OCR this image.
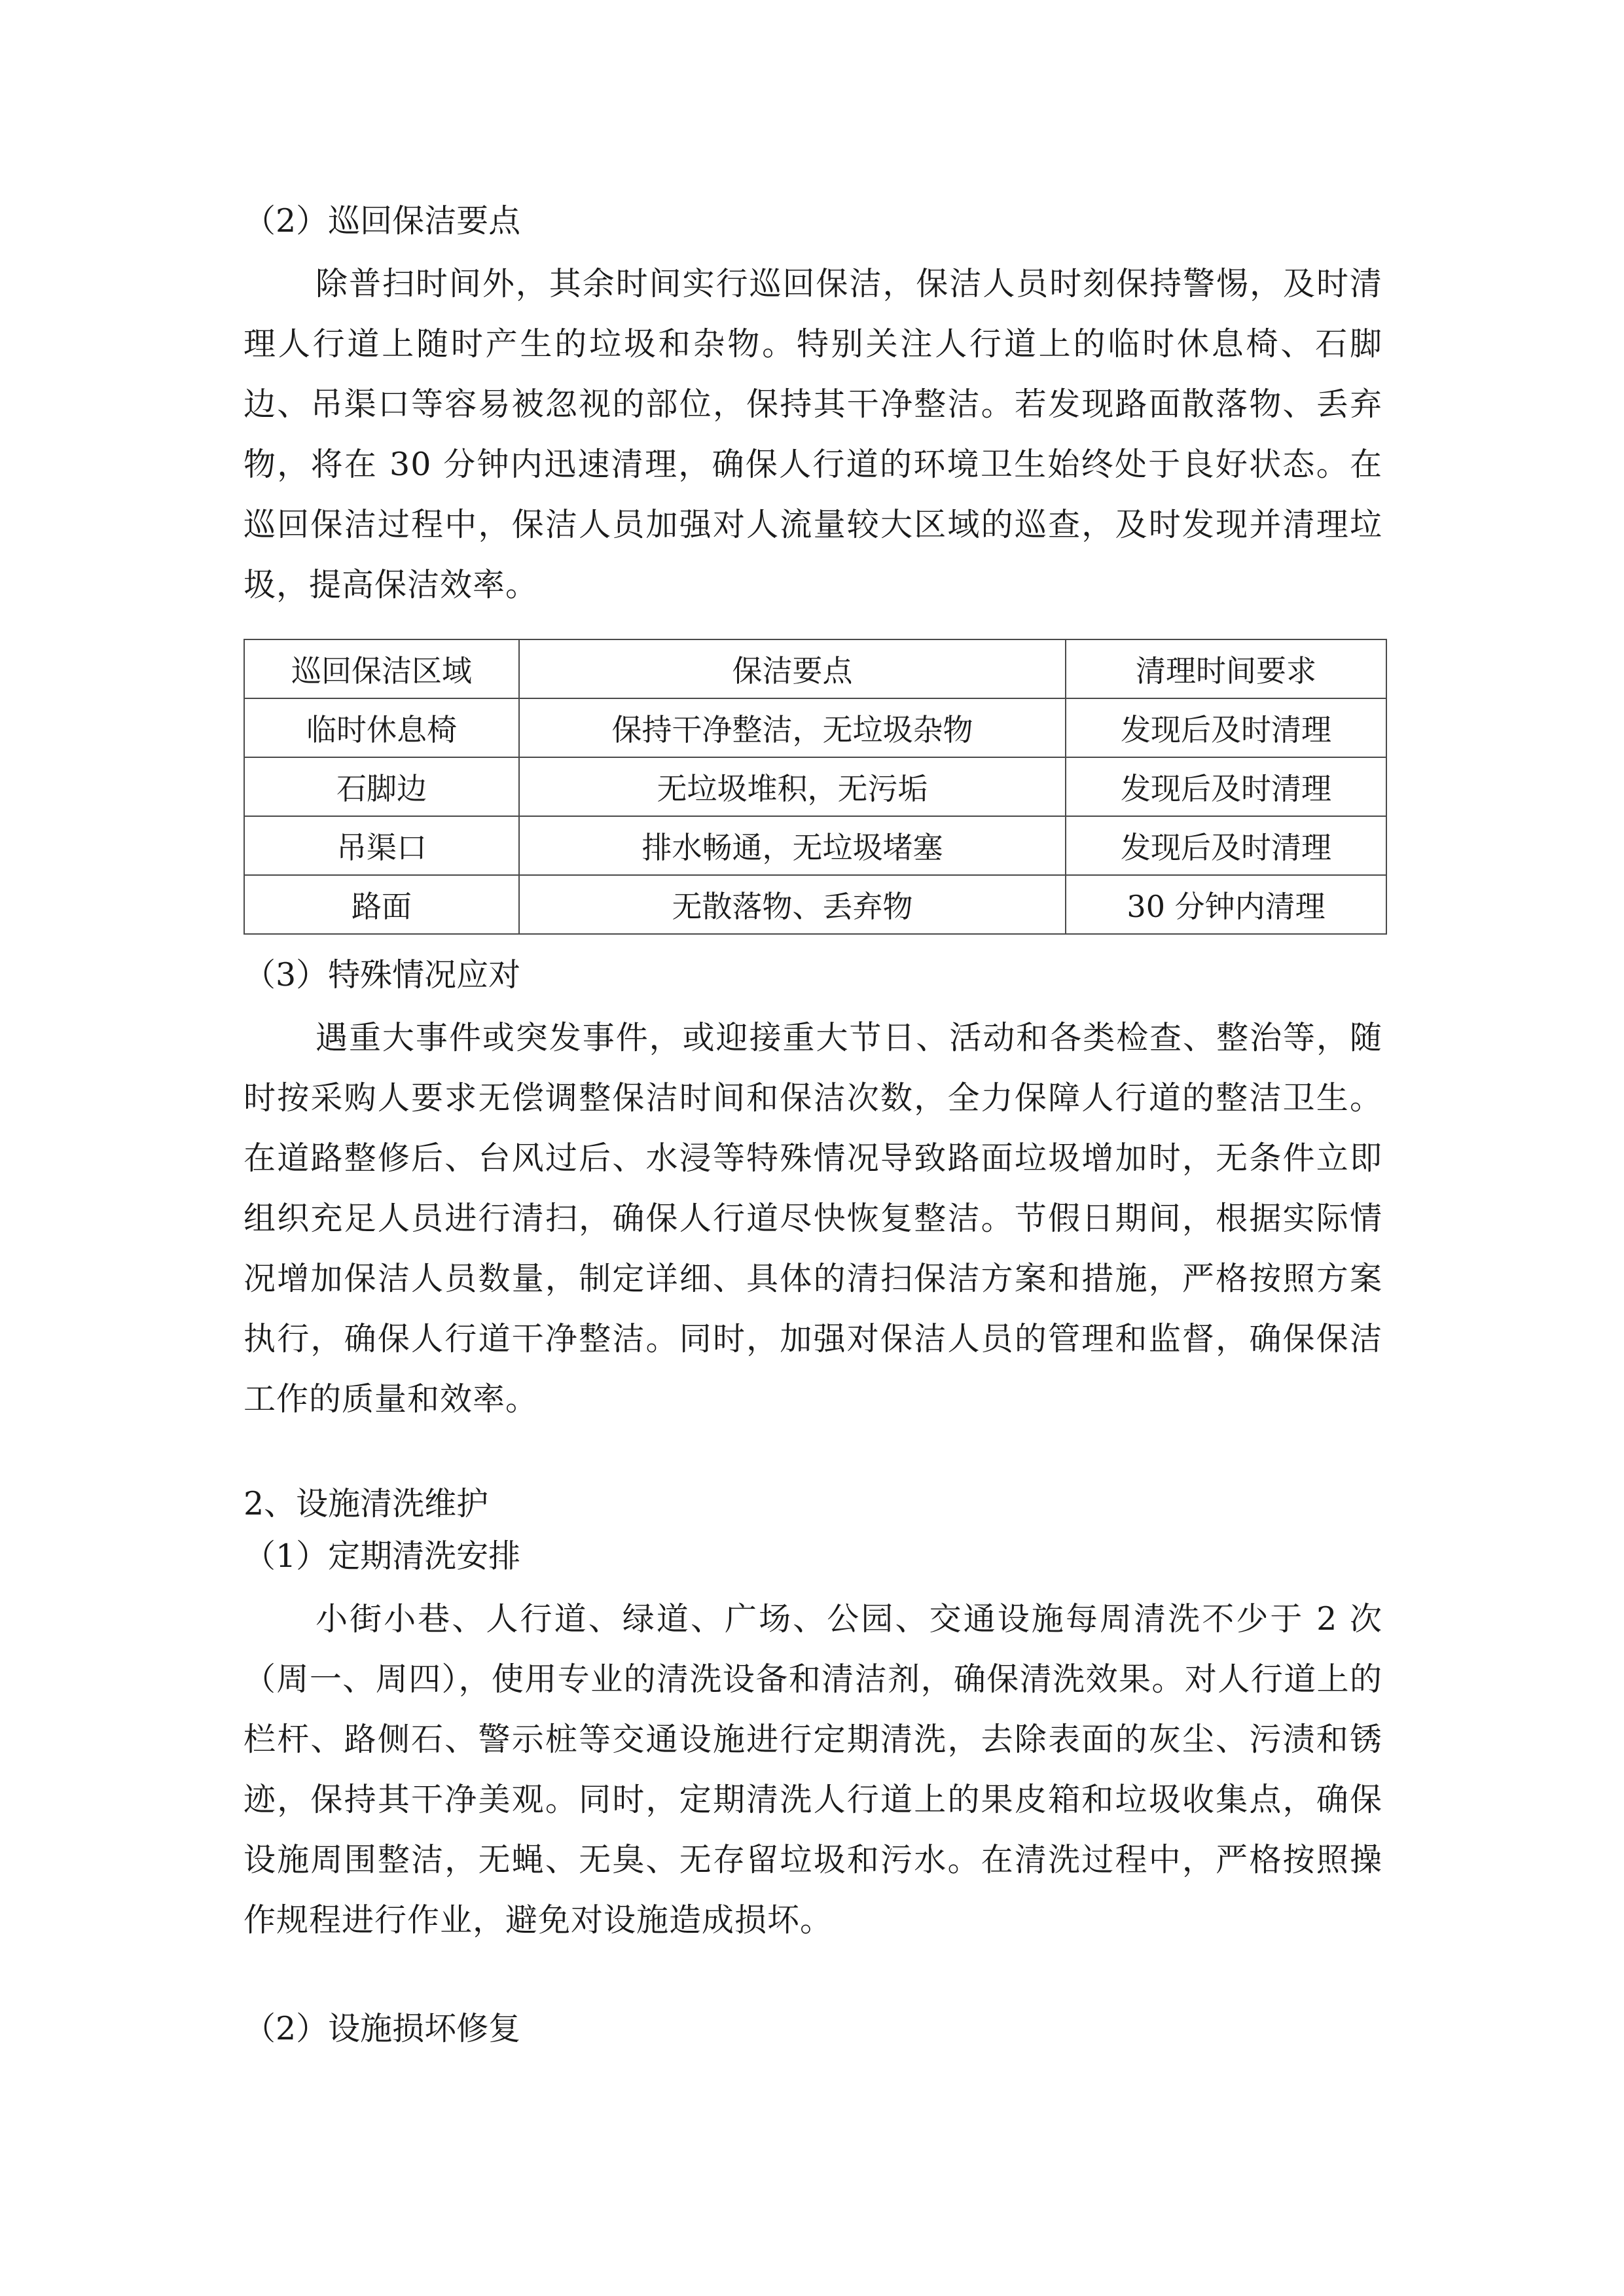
（2）巡回保洁要点

除普扫时间外，其余时间实行巡回保洁，保洁人员时刻保持警惕，及时清理人行道上随时产生的垃圾和杂物。特别关注人行道上的临时休息椅、石脚边、吊渠口等容易被忽视的部位，保持其干净整洁。若发现路面散落物、丢弃物，将在 30 分钟内迅速清理，确保人行道的环境卫生始终处于良好状态。在巡回保洁过程中，保洁人员加强对人流量较大区域的巡查，及时发现并清理垃圾，提高保洁效率。

巡回保洁区域	保洁要点	清理时间要求
临时休息椅	保持干净整洁，无垃圾杂物	发现后及时清理
石脚边	无垃圾堆积，无污垢	发现后及时清理
吊渠口	排水畅通，无垃圾堵塞	发现后及时清理
路面	无散落物、丢弃物	30 分钟内清理
（3）特殊情况应对

遇重大事件或突发事件，或迎接重大节日、活动和各类检查、整治等，随时按采购人要求无偿调整保洁时间和保洁次数，全力保障人行道的整洁卫生。在道路整修后、台风过后、水浸等特殊情况导致路面垃圾增加时，无条件立即组织充足人员进行清扫，确保人行道尽快恢复整洁。节假日期间，根据实际情况增加保洁人员数量，制定详细、具体的清扫保洁方案和措施，严格按照方案执行，确保人行道干净整洁。同时，加强对保洁人员的管理和监督，确保保洁工作的质量和效率。

2、设施清洗维护
（1）定期清洗安排

小街小巷、人行道、绿道、广场、公园、交通设施每周清洗不少于 2 次（周一、周四），使用专业的清洗设备和清洁剂，确保清洗效果。对人行道上的栏杆、路侧石、警示桩等交通设施进行定期清洗，去除表面的灰尘、污渍和锈迹，保持其干净美观。同时，定期清洗人行道上的果皮箱和垃圾收集点，确保设施周围整洁，无蝇、无臭、无存留垃圾和污水。在清洗过程中，严格按照操作规程进行作业，避免对设施造成损坏。

（2）设施损坏修复
